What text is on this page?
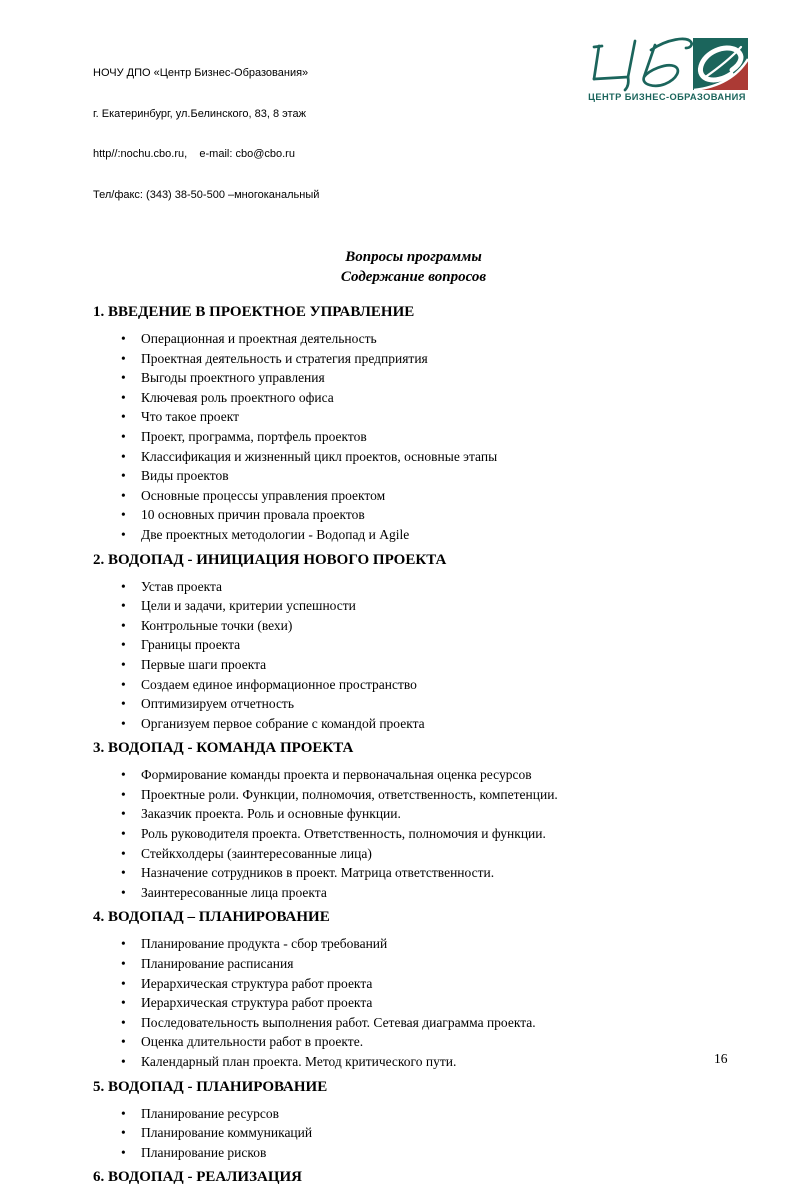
НОЧУ ДПО «Центр Бизнес-Образования»

г. Екатеринбург, ул.Белинского, 83, 8 этаж

http//:nochu.cbo.ru,    e-mail: cbo@cbo.ru

Тел/факс: (343) 38-50-500 –многоканальный

ЦЕНТР БИЗНЕС-ОБРАЗОВАНИЯ
Вопросы программы
Содержание вопросов
1. ВВЕДЕНИЕ В ПРОЕКТНОЕ УПРАВЛЕНИЕ
• Операционная и проектная деятельность
• Проектная деятельность и стратегия предприятия
• Выгоды проектного управления
• Ключевая роль проектного офиса
• Что такое проект
• Проект, программа, портфель проектов
• Классификация и жизненный цикл проектов, основные этапы
• Виды проектов
• Основные процессы управления проектом
• 10 основных причин провала проектов
• Две проектных методологии - Водопад и Agile
2. ВОДОПАД - ИНИЦИАЦИЯ НОВОГО ПРОЕКТА
• Устав проекта
• Цели и задачи, критерии успешности
• Контрольные точки (вехи)
• Границы проекта
• Первые шаги проекта
• Создаем единое информационное пространство
• Оптимизируем отчетность
• Организуем первое собрание с командой проекта
3. ВОДОПАД - КОМАНДА ПРОЕКТА
• Формирование команды проекта и первоначальная оценка ресурсов
• Проектные роли. Функции, полномочия, ответственность, компетенции.
• Заказчик проекта. Роль и основные функции.
• Роль руководителя проекта. Ответственность, полномочия и функции.
• Стейкхолдеры (заинтересованные лица)
• Назначение сотрудников в проект. Матрица ответственности.
• Заинтересованные лица проекта
4. ВОДОПАД – ПЛАНИРОВАНИЕ
• Планирование продукта - сбор требований
• Планирование расписания
• Иерархическая структура работ проекта
• Иерархическая структура работ проекта
• Последовательность выполнения работ. Сетевая диаграмма проекта.
• Оценка длительности работ в проекте.
• Календарный план проекта. Метод критического пути.
5. ВОДОПАД - ПЛАНИРОВАНИЕ
• Планирование ресурсов
• Планирование коммуникаций
• Планирование рисков
6. ВОДОПАД - РЕАЛИЗАЦИЯ
16
